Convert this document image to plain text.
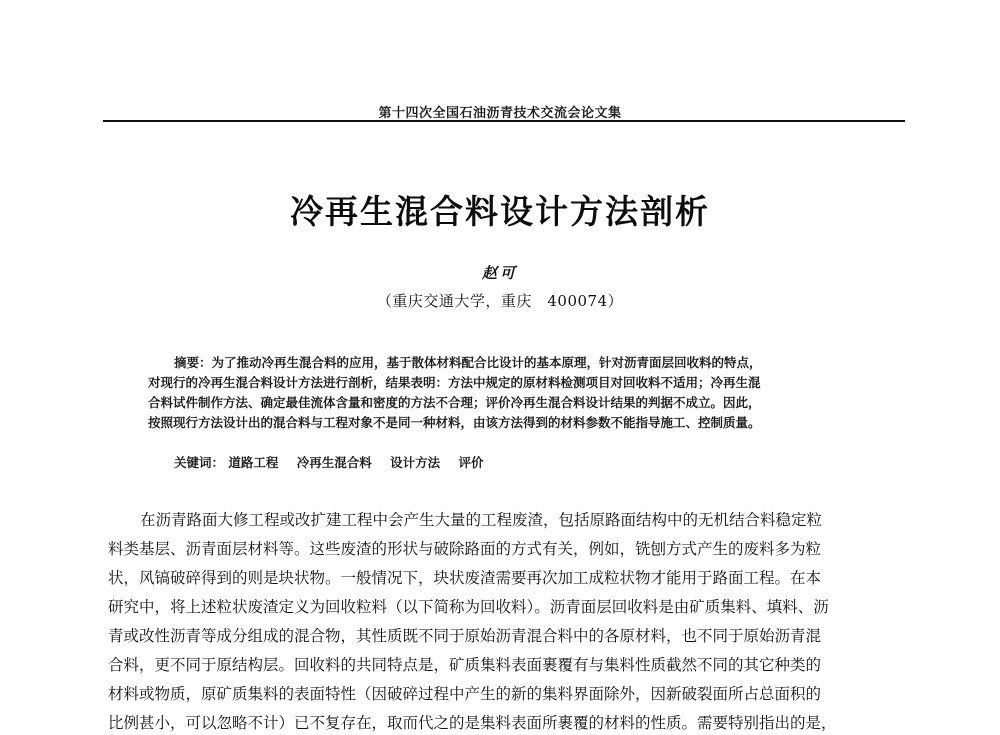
第十四次全国石油沥青技术交流会论文集
冷再生混合料设计方法剖析
赵可
（重庆交通大学，重庆　400074）
摘要：为了推动冷再生混合料的应用，基于散体材料配合比设计的基本原理，针对沥青面层回收料的特点，
对现行的冷再生混合料设计方法进行剖析，结果表明：方法中规定的原材料检测项目对回收料不适用；冷再生混
合料试件制作方法、确定最佳流体含量和密度的方法不合理；评价冷再生混合料设计结果的判据不成立。因此，
按照现行方法设计出的混合料与工程对象不是同一种材料，由该方法得到的材料参数不能指导施工、控制质量。
关键词： 道路工程 冷再生混合料 设计方法 评价
在沥青路面大修工程或改扩建工程中会产生大量的工程废渣，包括原路面结构中的无机结合料稳定粒
料类基层、沥青面层材料等。这些废渣的形状与破除路面的方式有关，例如，铣刨方式产生的废料多为粒
状，风镐破碎得到的则是块状物。一般情况下，块状废渣需要再次加工成粒状物才能用于路面工程。在本
研究中，将上述粒状废渣定义为回收粒料（以下简称为回收料）。沥青面层回收料是由矿质集料、填料、沥
青或改性沥青等成分组成的混合物，其性质既不同于原始沥青混合料中的各原材料，也不同于原始沥青混
合料，更不同于原结构层。回收料的共同特点是，矿质集料表面裹覆有与集料性质截然不同的其它种类的
材料或物质，原矿质集料的表面特性（因破碎过程中产生的新的集料界面除外，因新破裂面所占总面积的
比例甚小，可以忽略不计）已不复存在，取而代之的是集料表面所裹覆的材料的性质。需要特别指出的是，
